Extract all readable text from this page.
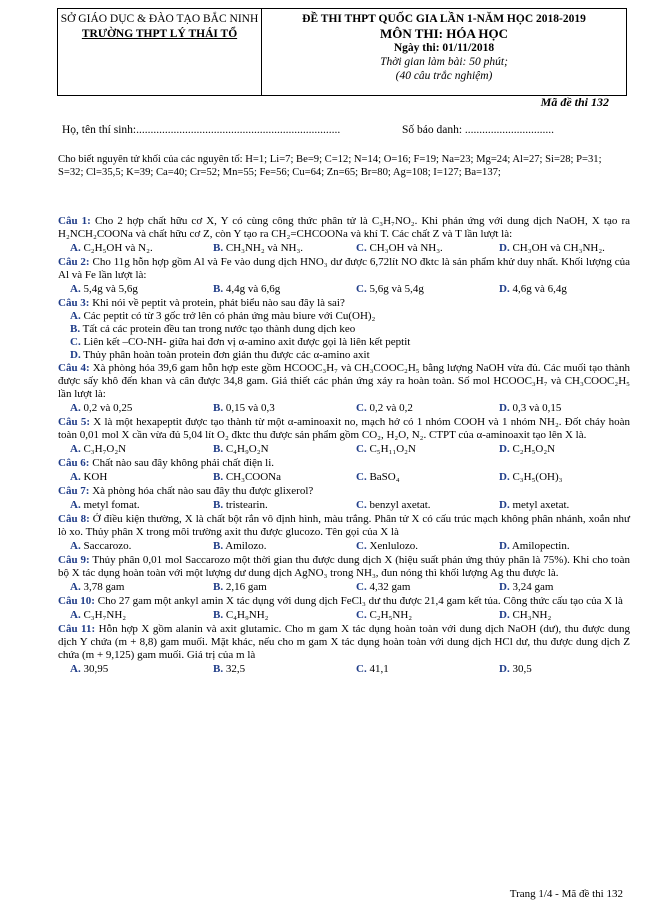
SỞ GIÁO DỤC & ĐÀO TẠO BẮC NINH
TRƯỜNG THPT LÝ THÁI TỔ
ĐỀ THI THPT QUỐC GIA LẦN 1-NĂM HỌC 2018-2019
MÔN THI: HÓA HỌC
Ngày thi: 01/11/2018
Thời gian làm bài: 50 phút;
(40 câu trắc nghiệm)
Mã đề thi 132
Họ, tên thí sinh:.......................................................................	Số báo danh: ...............................
Cho biết nguyên tử khối của các nguyên tố: H=1; Li=7; Be=9; C=12; N=14; O=16; F=19; Na=23; Mg=24; Al=27; Si=28; P=31; S=32; Cl=35,5; K=39; Ca=40; Cr=52; Mn=55; Fe=56; Cu=64; Zn=65; Br=80; Ag=108; I=127; Ba=137;
Câu 1: Cho 2 hợp chất hữu cơ X, Y có cùng công thức phân tử là C₃H₇NO₂. Khi phản ứng với dung dịch NaOH, X tạo ra H₂NCH₂COONa và chất hữu cơ Z, còn Y tạo ra CH₂=CHCOONa và khí T. Các chất Z và T lần lượt là:
A. C₂H₅OH và N₂.	B. CH₃NH₂ và NH₃.	C. CH₃OH và NH₃.	D. CH₃OH và CH₃NH₂.
Câu 2: Cho 11g hỗn hợp gồm Al và Fe vào dung dịch HNO₃ dư được 6,72lít NO đktc là sản phẩm khử duy nhất. Khối lượng của Al và Fe lần lượt là:
A. 5,4g và 5,6g	B. 4,4g và 6,6g	C. 5,6g và 5,4g	D. 4,6g và 6,4g
Câu 3: Khi nói về peptit và protein, phát biểu nào sau đây là sai?
A. Các peptit có từ 3 gốc trở lên có phản ứng màu biure với Cu(OH)₂
B. Tất cả các protein đều tan trong nước tạo thành dung dịch keo
C. Liên kết –CO-NH- giữa hai đơn vị α-amino axit được gọi là liên kết peptit
D. Thủy phân hoàn toàn protein đơn giản thu được các α-amino axit
Câu 4: Xà phòng hóa 39,6 gam hỗn hợp este gồm HCOOC₃H₇ và CH₃COOC₂H₅ bằng lượng NaOH vừa đủ. Các muối tạo thành được sấy khô đến khan và cân được 34,8 gam. Giả thiết các phản ứng xảy ra hoàn toàn. Số mol HCOOC₃H₇ và CH₃COOC₂H₅ lần lượt là:
A. 0,2 và 0,25	B. 0,15 và 0,3	C. 0,2 và 0,2	D. 0,3 và 0,15
Câu 5: X là một hexapeptit được tạo thành từ một α-aminoaxit no, mạch hở có 1 nhóm COOH và 1 nhóm NH₂. Đốt cháy hoàn toàn 0,01 mol X cần vừa đủ 5,04 lít O₂ đktc thu được sản phẩm gồm CO₂, H₂O, N₂. CTPT của α-aminoaxit tạo lên X là.
A. C₃H₇O₂N	B. C₄H₉O₂N	C. C₅H₁₁O₂N	D. C₂H₅O₂N
Câu 6: Chất nào sau đây không phải chất điện li.
A. KOH	B. CH₃COONa	C. BaSO₄	D. C₃H₅(OH)₃
Câu 7: Xà phòng hóa chất nào sau đây thu được glixerol?
A. metyl fomat.	B. tristearin.	C. benzyl axetat.	D. metyl axetat.
Câu 8: Ở điều kiện thường, X là chất bột rắn vô định hình, màu trắng. Phân tử X có cấu trúc mạch không phân nhánh, xoắn như lò xo. Thủy phân X trong môi trường axit thu được glucozo. Tên gọi của X là
A. Saccarozo.	B. Amilozo.	C. Xenlulozo.	D. Amilopectin.
Câu 9: Thủy phân 0,01 mol Saccarozo một thời gian thu được dung dịch X (hiệu suất phản ứng thủy phân là 75%). Khi cho toàn bộ X tác dụng hoàn toàn với một lượng dư dung dịch AgNO₃ trong NH₃, đun nóng thì khối lượng Ag thu được là.
A. 3,78 gam	B. 2,16 gam	C. 4,32 gam	D. 3,24 gam
Câu 10: Cho 27 gam một ankyl amin X tác dụng với dung dịch FeCl₃ dư thu được 21,4 gam kết tủa. Công thức cấu tạo của X là
A. C₃H₇NH₂	B. C₄H₉NH₂	C. C₂H₅NH₂	D. CH₃NH₂
Câu 11: Hỗn hợp X gồm alanin và axit glutamic. Cho m gam X tác dụng hoàn toàn với dung dịch NaOH (dư), thu được dung dịch Y chứa (m + 8,8) gam muối. Mặt khác, nếu cho m gam X tác dụng hoàn toàn với dung dịch HCl dư, thu được dung dịch Z chứa (m + 9,125) gam muối. Giá trị của m là
A. 30,95	B. 32,5	C. 41,1	D. 30,5
Trang 1/4 - Mã đề thi 132
